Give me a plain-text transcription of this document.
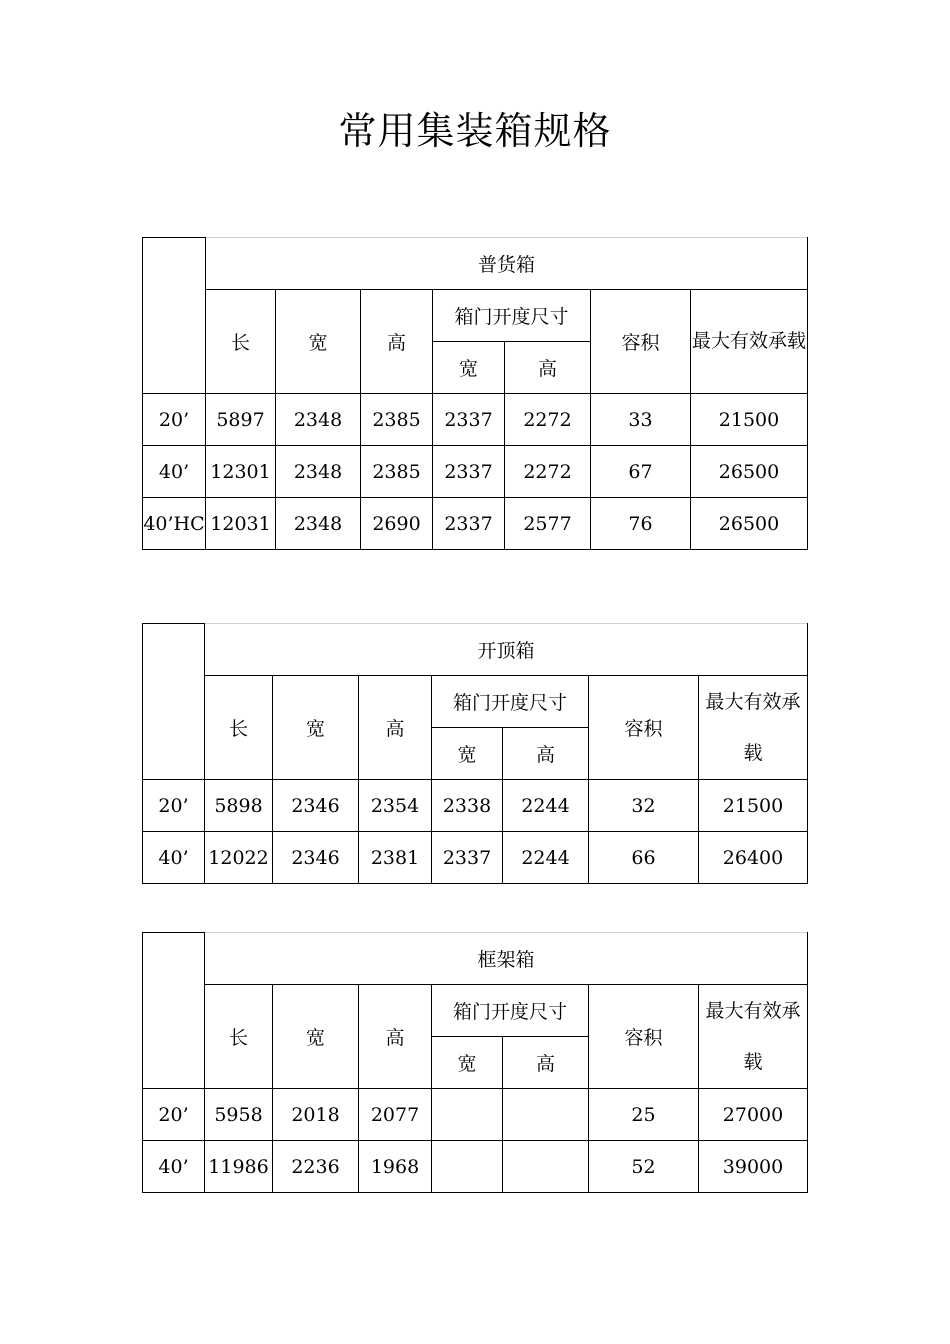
常用集装箱规格
	普货箱						
	长	宽	高	箱门开度尺寸		容积	最大有效承载
				宽	高		
20’	5897	2348	2385	2337	2272	33	21500
40’	12301	2348	2385	2337	2272	67	26500
40’HC	12031	2348	2690	2337	2577	76	26500
	开顶箱						
	长	宽	高	箱门开度尺寸		容积	最大有效承载
				宽	高		
20’	5898	2346	2354	2338	2244	32	21500
40’	12022	2346	2381	2337	2244	66	26400
	框架箱						
	长	宽	高	箱门开度尺寸		容积	最大有效承载
				宽	高		
20’	5958	2018	2077			25	27000
40’	11986	2236	1968			52	39000
